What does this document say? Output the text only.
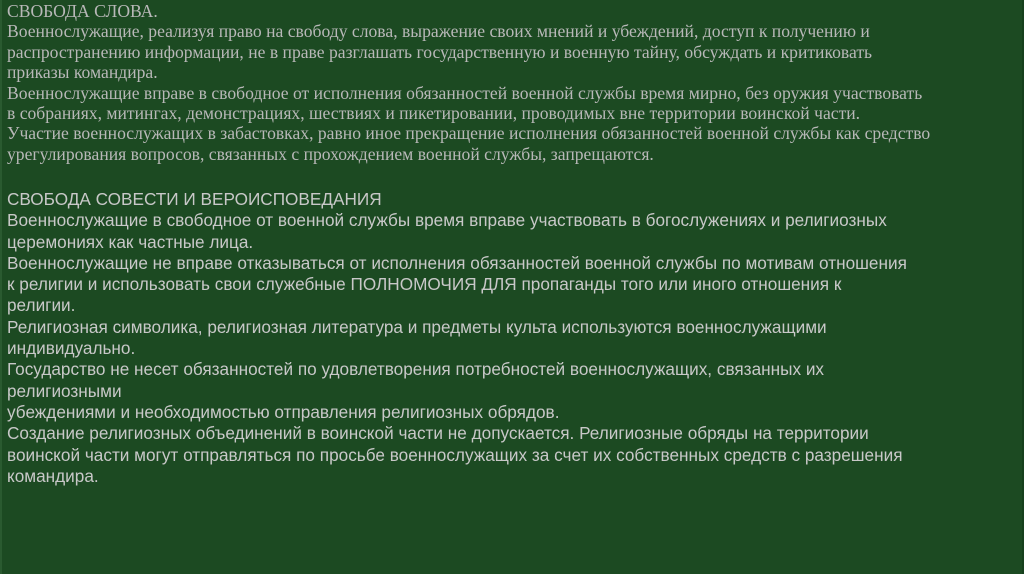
СВОБОДА СЛОВА.
Военнослужащие, реализуя право на свободу слова, выражение своих мнений и убеждений, доступ к получению и
распространению информации, не в праве разглашать государственную и военную тайну, обсуждать и критиковать
приказы командира.
Военнослужащие вправе в свободное от исполнения обязанностей военной службы время мирно, без оружия участвовать
в собраниях, митингах, демонстрациях, шествиях и пикетировании, проводимых вне территории воинской части.
Участие военнослужащих в забастовках, равно иное прекращение исполнения обязанностей военной службы как средство
урегулирования вопросов, связанных с прохождением военной службы, запрещаются.
СВОБОДА СОВЕСТИ И ВЕРОИСПОВЕДАНИЯ
Военнослужащие в свободное от военной службы время вправе участвовать в богослужениях и религиозных
церемониях как частные лица.
Военнослужащие не вправе отказываться от исполнения обязанностей военной службы по мотивам отношения
к религии и использовать свои служебные ПОЛНОМОЧИЯ ДЛЯ пропаганды того или иного отношения к
религии.
Религиозная символика, религиозная литература и предметы культа используются военнослужащими
индивидуально.
Государство не несет обязанностей по удовлетворения потребностей военнослужащих, связанных их
религиозными
убеждениями и необходимостью отправления религиозных обрядов.
Создание религиозных объединений в воинской части не допускается. Религиозные обряды на территории
воинской части могут отправляться по просьбе военнослужащих за счет их собственных средств с разрешения
командира.
